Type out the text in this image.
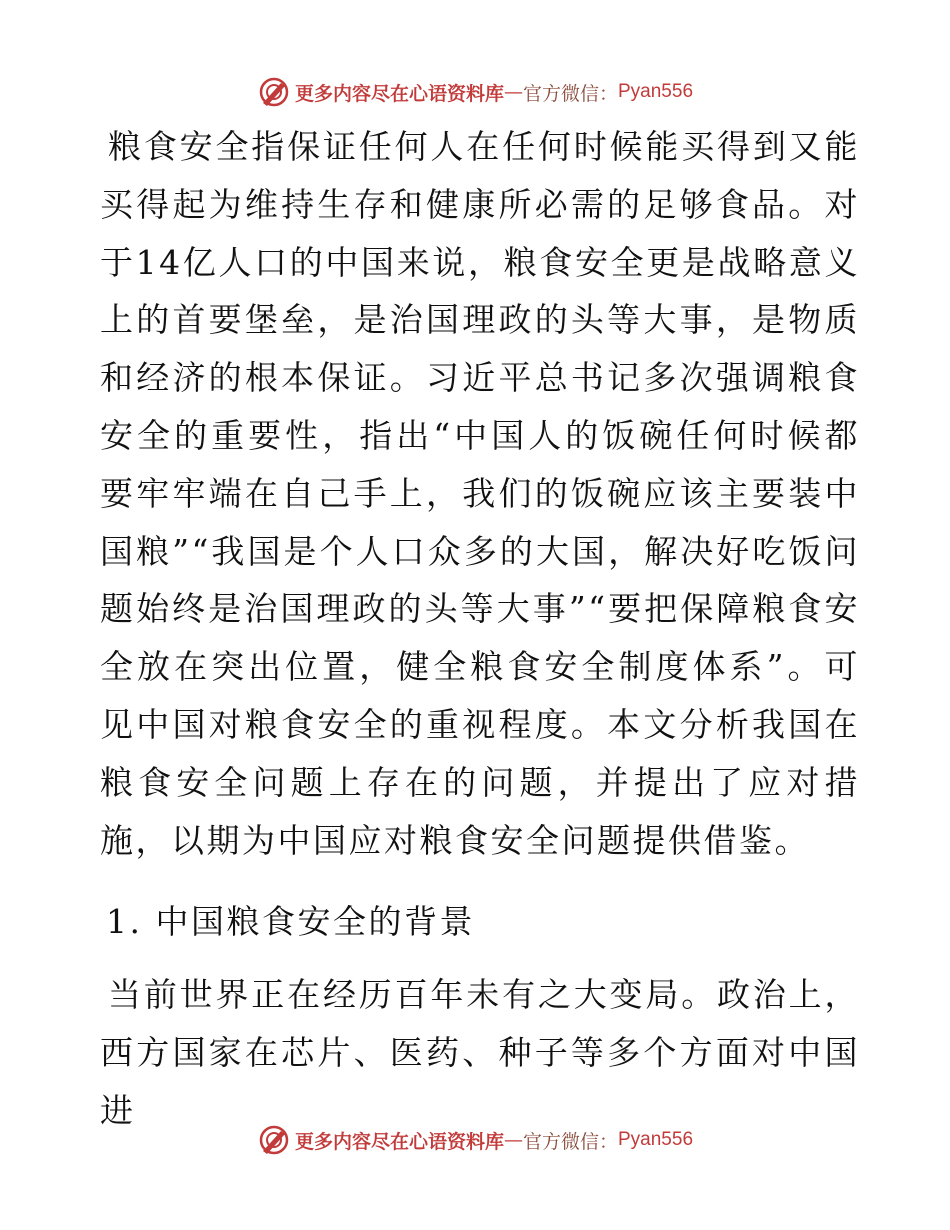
更多内容尽在心语资料库 — 官方微信： Pyan556

粮食安全指保证任何人在任何时候能买得到又能买得起为维持生存和健康所必需的足够食品。对于14亿人口的中国来说，粮食安全更是战略意义上的首要堡垒，是治国理政的头等大事，是物质和经济的根本保证。习近平总书记多次强调粮食安全的重要性，指出“中国人的饭碗任何时候都要牢牢端在自己手上，我们的饭碗应该主要装中国粮”“我国是个人口众多的大国，解决好吃饭问题始终是治国理政的头等大事”“要把保障粮食安全放在突出位置，健全粮食安全制度体系”。可见中国对粮食安全的重视程度。本文分析我国在粮食安全问题上存在的问题，并提出了应对措施，以期为中国应对粮食安全问题提供借鉴。

1. 中国粮食安全的背景

当前世界正在经历百年未有之大变局。政治上，西方国家在芯片、医药、种子等多个方面对中国进

更多内容尽在心语资料库 — 官方微信： Pyan556
